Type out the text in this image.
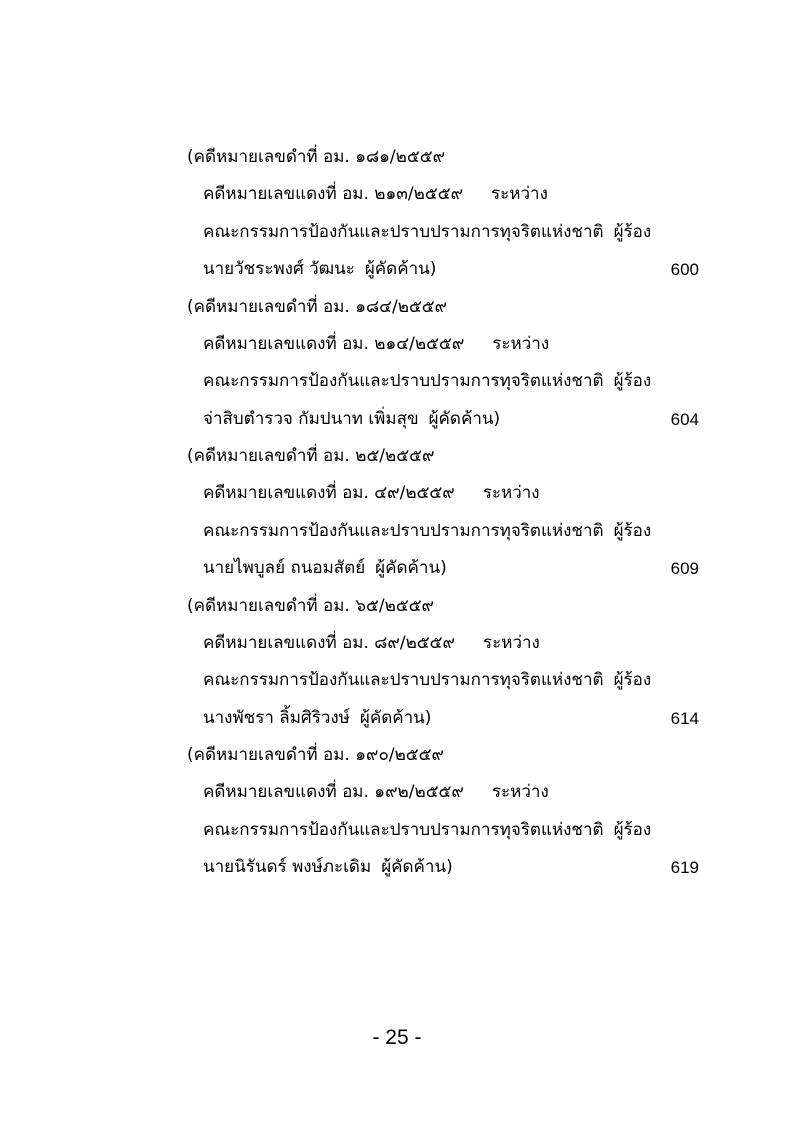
(คดีหมายเลขดำที่ อม. ๑๘๑/๒๕๕๙
คดีหมายเลขแดงที่ อม. ๒๑๓/๒๕๕๙ ระหว่าง
คณะกรรมการป้องกันและปราบปรามการทุจริตแห่งชาติ ผู้ร้อง
นายวัชระพงศ์ วัฒนะ ผู้คัดค้าน)	600
(คดีหมายเลขดำที่ อม. ๑๘๔/๒๕๕๙
คดีหมายเลขแดงที่ อม. ๒๑๔/๒๕๕๙ ระหว่าง
คณะกรรมการป้องกันและปราบปรามการทุจริตแห่งชาติ ผู้ร้อง
จ่าสิบตำรวจ กัมปนาท เพิ่มสุข ผู้คัดค้าน)	604
(คดีหมายเลขดำที่ อม. ๒๕/๒๕๕๙
คดีหมายเลขแดงที่ อม. ๔๙/๒๕๕๙ ระหว่าง
คณะกรรมการป้องกันและปราบปรามการทุจริตแห่งชาติ ผู้ร้อง
นายไพบูลย์ ถนอมสัตย์ ผู้คัดค้าน)	609
(คดีหมายเลขดำที่ อม. ๖๕/๒๕๕๙
คดีหมายเลขแดงที่ อม. ๘๙/๒๕๕๙ ระหว่าง
คณะกรรมการป้องกันและปราบปรามการทุจริตแห่งชาติ ผู้ร้อง
นางพัชรา ลิ้มศิริวงษ์ ผู้คัดค้าน)	614
(คดีหมายเลขดำที่ อม. ๑๙๐/๒๕๕๙
คดีหมายเลขแดงที่ อม. ๑๙๒/๒๕๕๙ ระหว่าง
คณะกรรมการป้องกันและปราบปรามการทุจริตแห่งชาติ ผู้ร้อง
นายนิรันดร์ พงษ์ภะเดิม ผู้คัดค้าน)	619
- 25 -
